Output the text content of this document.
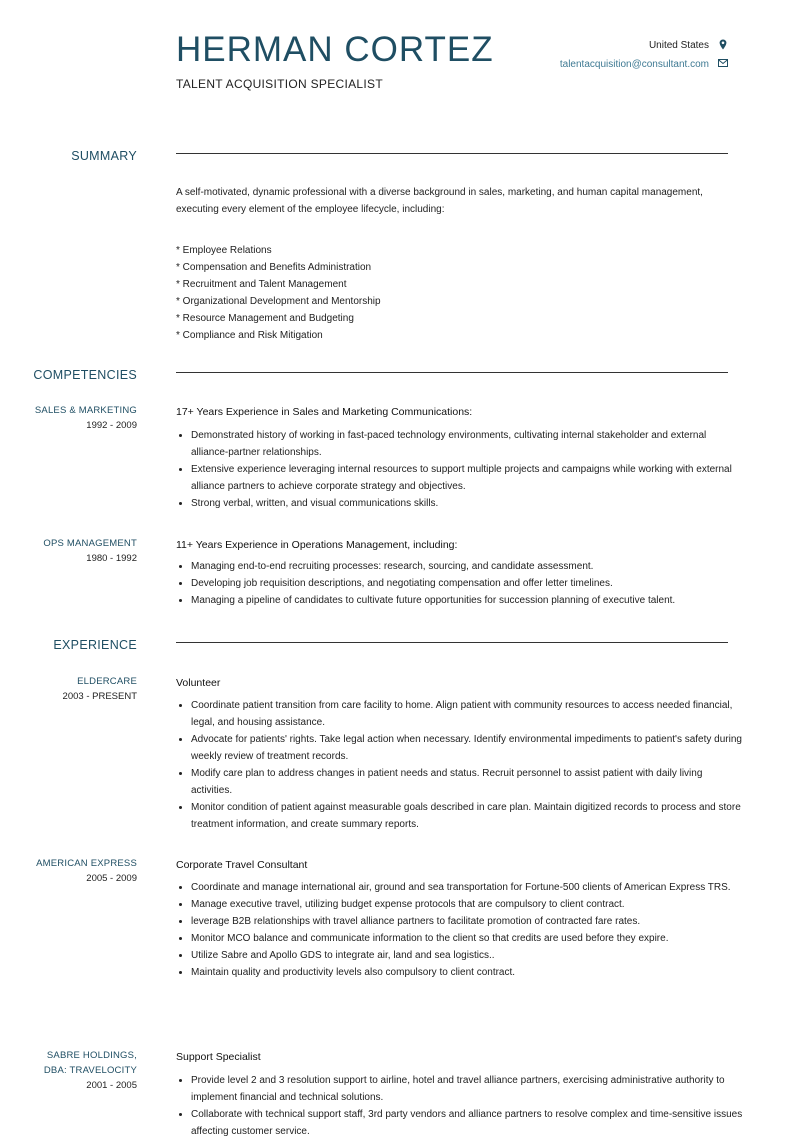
HERMAN CORTEZ
TALENT ACQUISITION SPECIALIST
United States
talentacquisition@consultant.com
SUMMARY

A self-motivated, dynamic professional with a diverse background in sales, marketing, and human capital management, executing every element of the employee lifecycle, including:

* Employee Relations
* Compensation and Benefits Administration
* Recruitment and Talent Management
* Organizational Development and Mentorship
* Resource Management and Budgeting
* Compliance and Risk Mitigation
COMPETENCIES
SALES & MARKETING
1992 - 2009
17+ Years Experience in Sales and Marketing Communications:
• Demonstrated history of working in fast-paced technology environments, cultivating internal stakeholder and external alliance-partner relationships.
• Extensive experience leveraging internal resources to support multiple projects and campaigns while working with external alliance partners to achieve corporate strategy and objectives.
• Strong verbal, written, and visual communications skills.
OPS MANAGEMENT
1980 - 1992
11+ Years Experience in Operations Management, including:
• Managing end-to-end recruiting processes: research, sourcing, and candidate assessment.
• Developing job requisition descriptions, and negotiating compensation and offer letter timelines.
• Managing a pipeline of candidates to cultivate future opportunities for succession planning of executive talent.
EXPERIENCE
ELDERCARE
2003 - PRESENT
Volunteer
• Coordinate patient transition from care facility to home. Align patient with community resources to access needed financial, legal, and housing assistance.
• Advocate for patients' rights. Take legal action when necessary. Identify environmental impediments to patient's safety during weekly review of treatment records.
• Modify care plan to address changes in patient needs and status. Recruit personnel to assist patient with daily living activities.
• Monitor condition of patient against measurable goals described in care plan. Maintain digitized records to process and store treatment information, and create summary reports.
AMERICAN EXPRESS
2005 - 2009
Corporate Travel Consultant
• Coordinate and manage international air, ground and sea transportation for Fortune-500 clients of American Express TRS.
• Manage executive travel, utilizing budget expense protocols that are compulsory to client contract.
• leverage B2B relationships with travel alliance partners to facilitate promotion of contracted fare rates.
• Monitor MCO balance and communicate information to the client so that credits are used before they expire.
• Utilize Sabre and Apollo GDS to integrate air, land and sea logistics..
• Maintain quality and productivity levels also compulsory to client contract.
SABRE HOLDINGS,
DBA: TRAVELOCITY
2001 - 2005
Support Specialist
• Provide level 2 and 3 resolution support to airline, hotel and travel alliance partners, exercising administrative authority to implement financial and technical solutions.
• Collaborate with technical support staff, 3rd party vendors and alliance partners to resolve complex and time-sensitive issues affecting customer service.
